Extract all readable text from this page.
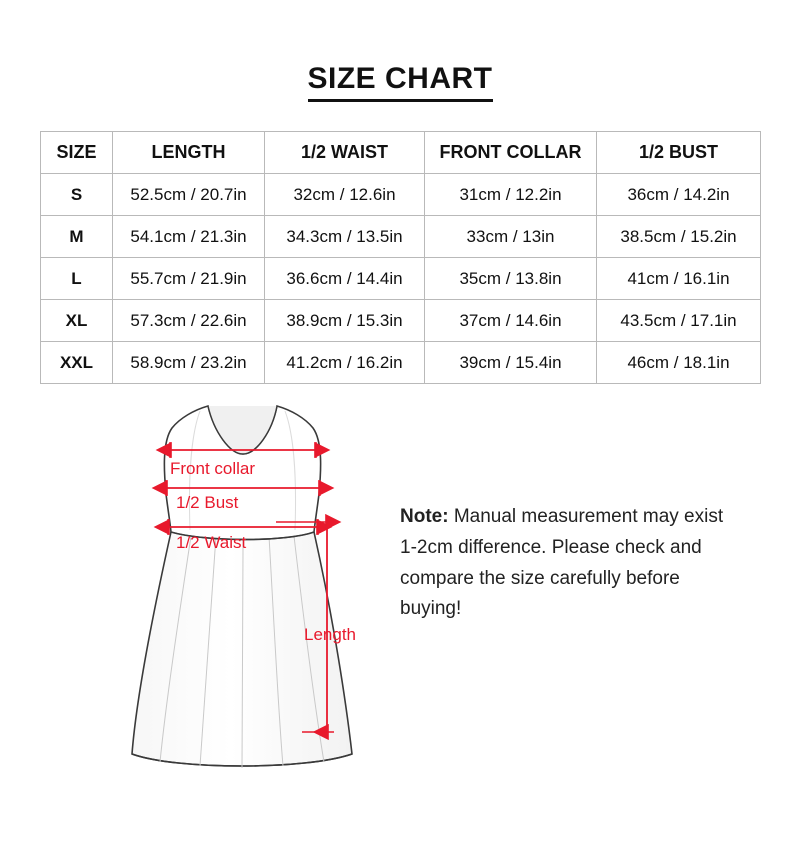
SIZE CHART
SIZE	LENGTH	1/2 WAIST	FRONT COLLAR	1/2 BUST
S	52.5cm / 20.7in	32cm / 12.6in	31cm / 12.2in	36cm / 14.2in
M	54.1cm / 21.3in	34.3cm / 13.5in	33cm / 13in	38.5cm / 15.2in
L	55.7cm / 21.9in	36.6cm / 14.4in	35cm / 13.8in	41cm / 16.1in
XL	57.3cm / 22.6in	38.9cm / 15.3in	37cm / 14.6in	43.5cm / 17.1in
XXL	58.9cm / 23.2in	41.2cm / 16.2in	39cm / 15.4in	46cm / 18.1in
Front collar
1/2 Bust
1/2 Waist
Length
Note: Manual measurement may exist 1-2cm difference. Please check and compare the size carefully before buying!
